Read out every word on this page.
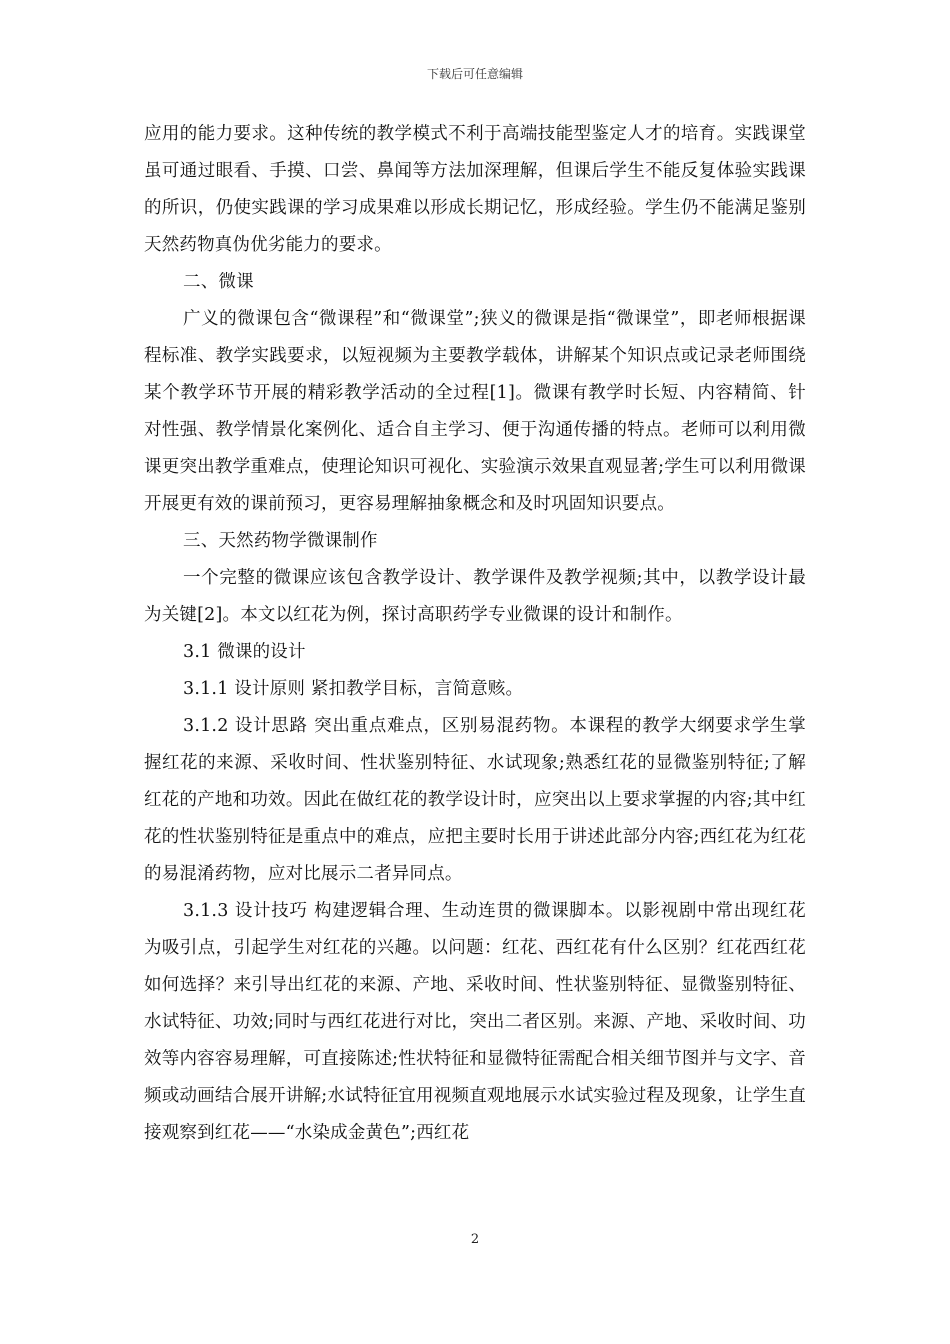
下载后可任意编辑

应用的能力要求。这种传统的教学模式不利于高端技能型鉴定人才的培育。实践课堂虽可通过眼看、手摸、口尝、鼻闻等方法加深理解，但课后学生不能反复体验实践课的所识，仍使实践课的学习成果难以形成长期记忆，形成经验。学生仍不能满足鉴别天然药物真伪优劣能力的要求。

二、微课

广义的微课包含“微课程”和“微课堂”;狭义的微课是指“微课堂”，即老师根据课程标准、教学实践要求，以短视频为主要教学载体，讲解某个知识点或记录老师围绕某个教学环节开展的精彩教学活动的全过程[1]。微课有教学时长短、内容精简、针对性强、教学情景化案例化、适合自主学习、便于沟通传播的特点。老师可以利用微课更突出教学重难点，使理论知识可视化、实验演示效果直观显著;学生可以利用微课开展更有效的课前预习，更容易理解抽象概念和及时巩固知识要点。

三、天然药物学微课制作

一个完整的微课应该包含教学设计、教学课件及教学视频;其中，以教学设计最为关键[2]。本文以红花为例，探讨高职药学专业微课的设计和制作。

3.1 微课的设计

3.1.1 设计原则 紧扣教学目标，言简意赅。

3.1.2 设计思路 突出重点难点，区别易混药物。本课程的教学大纲要求学生掌握红花的来源、采收时间、性状鉴别特征、水试现象;熟悉红花的显微鉴别特征;了解红花的产地和功效。因此在做红花的教学设计时，应突出以上要求掌握的内容;其中红花的性状鉴别特征是重点中的难点，应把主要时长用于讲述此部分内容;西红花为红花的易混淆药物，应对比展示二者异同点。

3.1.3 设计技巧 构建逻辑合理、生动连贯的微课脚本。以影视剧中常出现红花为吸引点，引起学生对红花的兴趣。以问题：红花、西红花有什么区别？红花西红花如何选择？来引导出红花的来源、产地、采收时间、性状鉴别特征、显微鉴别特征、水试特征、功效;同时与西红花进行对比，突出二者区别。来源、产地、采收时间、功效等内容容易理解，可直接陈述;性状特征和显微特征需配合相关细节图并与文字、音频或动画结合展开讲解;水试特征宜用视频直观地展示水试实验过程及现象，让学生直接观察到红花——“水染成金黄色”;西红花

2
